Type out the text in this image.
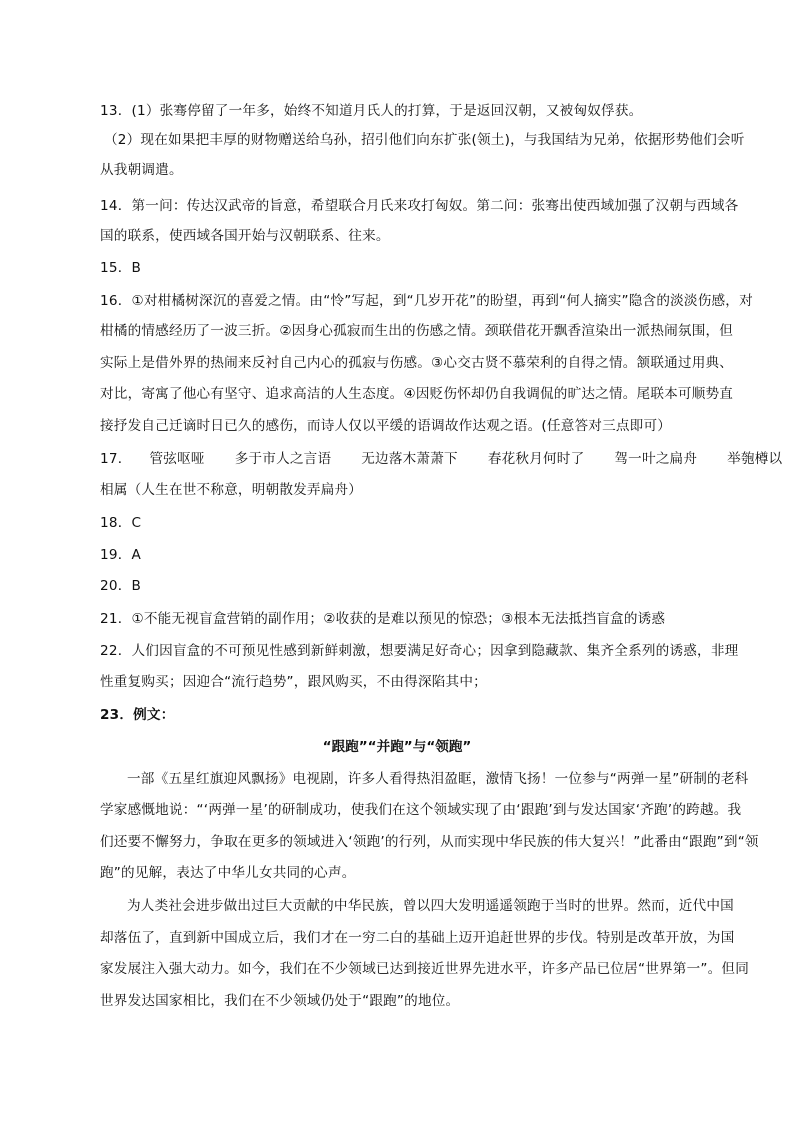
13．(1）张骞停留了一年多，始终不知道月氏人的打算，于是返回汉朝，又被匈奴俘获。
（2）现在如果把丰厚的财物赠送给乌孙，招引他们向东扩张(领土)，与我国结为兄弟，依据形势他们会听
从我朝调遣。
14．第一问：传达汉武帝的旨意，希望联合月氏来攻打匈奴。第二问：张骞出使西域加强了汉朝与西域各
国的联系，使西域各国开始与汉朝联系、往来。
15．B
16．①对柑橘树深沉的喜爱之情。由“怜”写起，到“几岁开花”的盼望，再到“何人摘实”隐含的淡淡伤感，对
柑橘的情感经历了一波三折。②因身心孤寂而生出的伤感之情。颈联借花开飘香渲染出一派热闹氛围，但
实际上是借外界的热闹来反衬自己内心的孤寂与伤感。③心交古贤不慕荣利的自得之情。颔联通过用典、
对比，寄寓了他心有坚守、追求高洁的人生态度。④因贬伤怀却仍自我调侃的旷达之情。尾联本可顺势直
接抒发自己迁谪时日已久的感伤，而诗人仅以平缓的语调故作达观之语。(任意答对三点即可）
17． 管弦呕哑 多于市人之言语 无边落木萧萧下 春花秋月何时了 驾一叶之扁舟 举匏樽以
相属（人生在世不称意，明朝散发弄扁舟）
18．C
19．A
20．B
21．①不能无视盲盒营销的副作用；②收获的是难以预见的惊恐；③根本无法抵挡盲盒的诱惑
22．人们因盲盒的不可预见性感到新鲜刺激，想要满足好奇心；因拿到隐藏款、集齐全系列的诱惑，非理
性重复购买；因迎合“流行趋势”，跟风购买，不由得深陷其中；
23．例文：
“跟跑”“并跑”与“领跑”
一部《五星红旗迎风飘扬》电视剧，许多人看得热泪盈眶，激情飞扬！一位参与“两弹一星”研制的老科
学家感慨地说：“‘两弹一星’的研制成功，使我们在这个领域实现了由‘跟跑’到与发达国家‘齐跑’的跨越。我
们还要不懈努力，争取在更多的领域进入‘领跑’的行列，从而实现中华民族的伟大复兴！”此番由“跟跑”到“领
跑”的见解，表达了中华儿女共同的心声。
为人类社会进步做出过巨大贡献的中华民族，曾以四大发明遥遥领跑于当时的世界。然而，近代中国
却落伍了，直到新中国成立后，我们才在一穷二白的基础上迈开追赶世界的步伐。特别是改革开放，为国
家发展注入强大动力。如今，我们在不少领域已达到接近世界先进水平，许多产品已位居“世界第一”。但同
世界发达国家相比，我们在不少领域仍处于“跟跑”的地位。
